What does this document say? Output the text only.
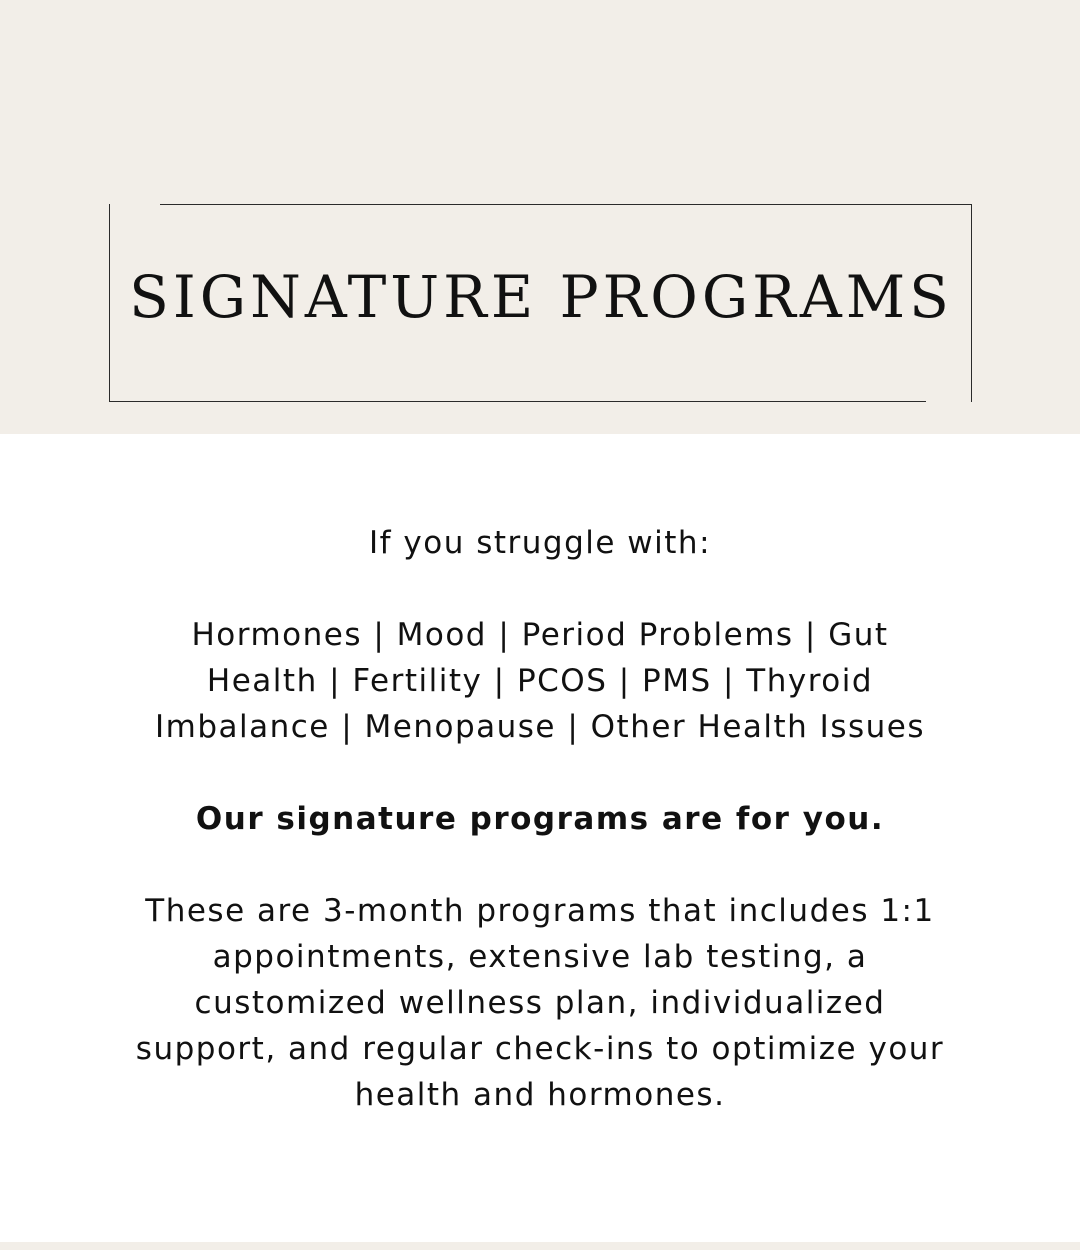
SIGNATURE PROGRAMS

If you struggle with:

Hormones | Mood | Period Problems | Gut

Health | Fertility | PCOS | PMS | Thyroid

Imbalance | Menopause | Other Health Issues

Our signature programs are for you.

These are 3-month programs that includes 1:1

appointments, extensive lab testing, a

customized wellness plan, individualized

support, and regular check-ins to optimize your

health and hormones.

Learn More
